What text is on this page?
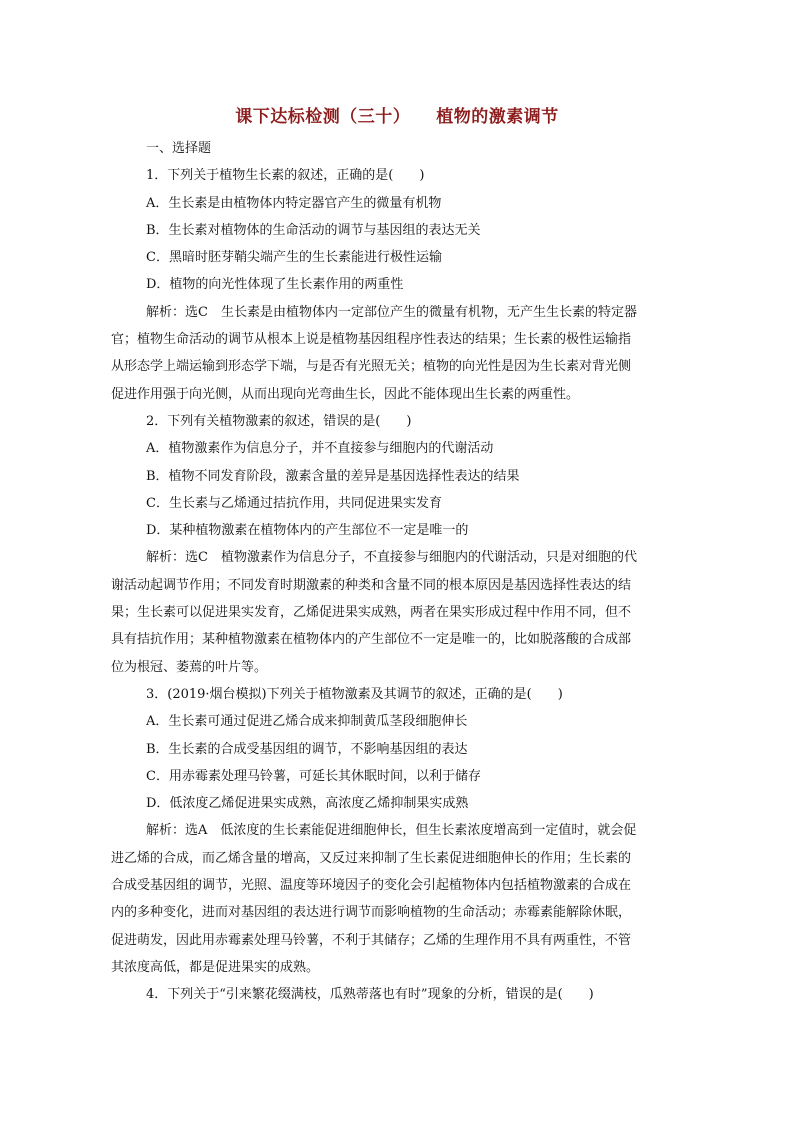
课下达标检测（三十） 植物的激素调节

一、选择题

1．下列关于植物生长素的叙述，正确的是(　　)

A．生长素是由植物体内特定器官产生的微量有机物

B．生长素对植物体的生命活动的调节与基因组的表达无关

C．黑暗时胚芽鞘尖端产生的生长素能进行极性运输

D．植物的向光性体现了生长素作用的两重性

解析：选C　生长素是由植物体内一定部位产生的微量有机物，无产生生长素的特定器
官；植物生命活动的调节从根本上说是植物基因组程序性表达的结果；生长素的极性运输指
从形态学上端运输到形态学下端，与是否有光照无关；植物的向光性是因为生长素对背光侧
促进作用强于向光侧，从而出现向光弯曲生长，因此不能体现出生长素的两重性。

2．下列有关植物激素的叙述，错误的是(　　)

A．植物激素作为信息分子，并不直接参与细胞内的代谢活动

B．植物不同发育阶段，激素含量的差异是基因选择性表达的结果

C．生长素与乙烯通过拮抗作用，共同促进果实发育

D．某种植物激素在植物体内的产生部位不一定是唯一的

解析：选C　植物激素作为信息分子，不直接参与细胞内的代谢活动，只是对细胞的代
谢活动起调节作用；不同发育时期激素的种类和含量不同的根本原因是基因选择性表达的结
果；生长素可以促进果实发育，乙烯促进果实成熟，两者在果实形成过程中作用不同，但不
具有拮抗作用；某种植物激素在植物体内的产生部位不一定是唯一的，比如脱落酸的合成部
位为根冠、萎蔫的叶片等。

3．(2019·烟台模拟)下列关于植物激素及其调节的叙述，正确的是(　　)

A．生长素可通过促进乙烯合成来抑制黄瓜茎段细胞伸长

B．生长素的合成受基因组的调节，不影响基因组的表达

C．用赤霉素处理马铃薯，可延长其休眠时间，以利于储存

D．低浓度乙烯促进果实成熟，高浓度乙烯抑制果实成熟

解析：选A　低浓度的生长素能促进细胞伸长，但生长素浓度增高到一定值时，就会促
进乙烯的合成，而乙烯含量的增高，又反过来抑制了生长素促进细胞伸长的作用；生长素的
合成受基因组的调节，光照、温度等环境因子的变化会引起植物体内包括植物激素的合成在
内的多种变化，进而对基因组的表达进行调节而影响植物的生命活动；赤霉素能解除休眠，
促进萌发，因此用赤霉素处理马铃薯，不利于其储存；乙烯的生理作用不具有两重性，不管
其浓度高低，都是促进果实的成熟。

4．下列关于“引来繁花缀满枝，瓜熟蒂落也有时”现象的分析，错误的是(　　)
